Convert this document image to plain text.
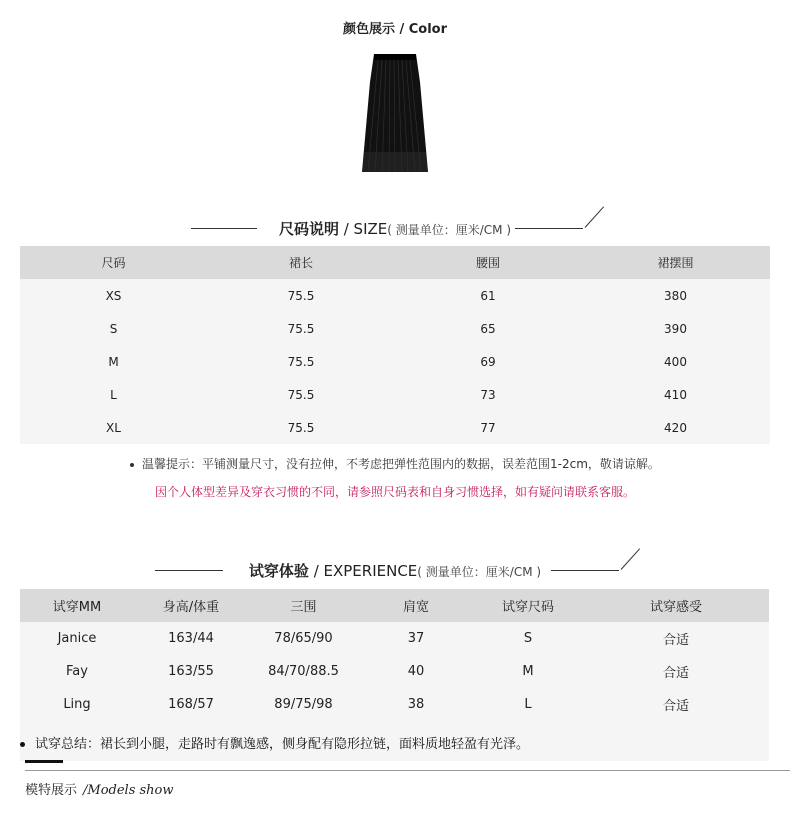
颜色展示 / Color
尺码说明 / SIZE( 测量单位：厘米/CM )
尺码	裙长	腰围	裙摆围
XS	75.5	61	380
S	75.5	65	390
M	75.5	69	400
L	75.5	73	410
XL	75.5	77	420
温馨提示：平铺测量尺寸，没有拉伸，不考虑把弹性范围内的数据，误差范围1-2cm，敬请谅解。
因个人体型差异及穿衣习惯的不同，请参照尺码表和自身习惯选择，如有疑问请联系客服。
试穿体验 / EXPERIENCE( 测量单位：厘米/CM )
试穿MM	身高/体重	三围	肩宽	试穿尺码	试穿感受
Janice	163/44	78/65/90	37	S	合适
Fay	163/55	84/70/88.5	40	M	合适
Ling	168/57	89/75/98	38	L	合适
试穿总结：裙长到小腿，走路时有飘逸感，侧身配有隐形拉链，面料质地轻盈有光泽。
模特展示 /Models show
